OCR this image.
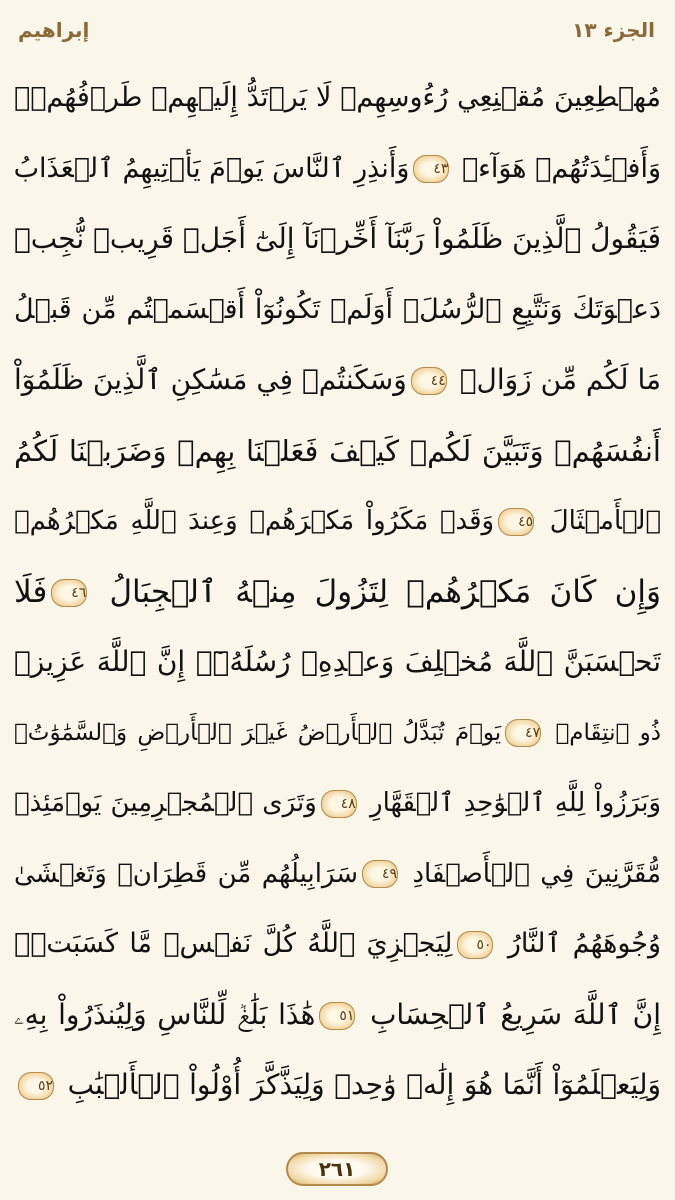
الجزء ١٣
إبراهيم
مُهۡطِعِينَ مُقۡنِعِي رُءُوسِهِمۡ لَا يَرۡتَدُّ إِلَيۡهِمۡ طَرۡفُهُمۡۖ
وَأَفۡـِٔدَتُهُمۡ هَوَآءٞ ٤٣وَأَنذِرِ ٱلنَّاسَ يَوۡمَ يَأۡتِيهِمُ ٱلۡعَذَابُ
فَيَقُولُ ٱلَّذِينَ ظَلَمُواْ رَبَّنَآ أَخِّرۡنَآ إِلَىٰٓ أَجَلٖ قَرِيبٖ نُّجِبۡ
دَعۡوَتَكَ وَنَتَّبِعِ ٱلرُّسُلَۗ أَوَلَمۡ تَكُونُوٓاْ أَقۡسَمۡتُم مِّن قَبۡلُ
مَا لَكُم مِّن زَوَالٖ ٤٤وَسَكَنتُمۡ فِي مَسَٰكِنِ ٱلَّذِينَ ظَلَمُوٓاْ
أَنفُسَهُمۡ وَتَبَيَّنَ لَكُمۡ كَيۡفَ فَعَلۡنَا بِهِمۡ وَضَرَبۡنَا لَكُمُ
ٱلۡأَمۡثَالَ ٤٥وَقَدۡ مَكَرُواْ مَكۡرَهُمۡ وَعِندَ ٱللَّهِ مَكۡرُهُمۡ
وَإِن كَانَ مَكۡرُهُمۡ لِتَزُولَ مِنۡهُ ٱلۡجِبَالُ ٤٦فَلَا
تَحۡسَبَنَّ ٱللَّهَ مُخۡلِفَ وَعۡدِهِۦ رُسُلَهُۥٓۚ إِنَّ ٱللَّهَ عَزِيزٞ
ذُو ٱنتِقَامٖ ٤٧يَوۡمَ تُبَدَّلُ ٱلۡأَرۡضُ غَيۡرَ ٱلۡأَرۡضِ وَٱلسَّمَٰوَٰتُۖ
وَبَرَزُواْ لِلَّهِ ٱلۡوَٰحِدِ ٱلۡقَهَّارِ ٤٨وَتَرَى ٱلۡمُجۡرِمِينَ يَوۡمَئِذٖ
مُّقَرَّنِينَ فِي ٱلۡأَصۡفَادِ ٤٩سَرَابِيلُهُم مِّن قَطِرَانٖ وَتَغۡشَىٰ
وُجُوهَهُمُ ٱلنَّارُ ٥٠لِيَجۡزِيَ ٱللَّهُ كُلَّ نَفۡسٖ مَّا كَسَبَتۡۚ
إِنَّ ٱللَّهَ سَرِيعُ ٱلۡحِسَابِ ٥١هَٰذَا بَلَٰغٞ لِّلنَّاسِ وَلِيُنذَرُواْ بِهِۦ
وَلِيَعۡلَمُوٓاْ أَنَّمَا هُوَ إِلَٰهٞ وَٰحِدٞ وَلِيَذَّكَّرَ أُوْلُواْ ٱلۡأَلۡبَٰبِ ٥٢
٢٦١
